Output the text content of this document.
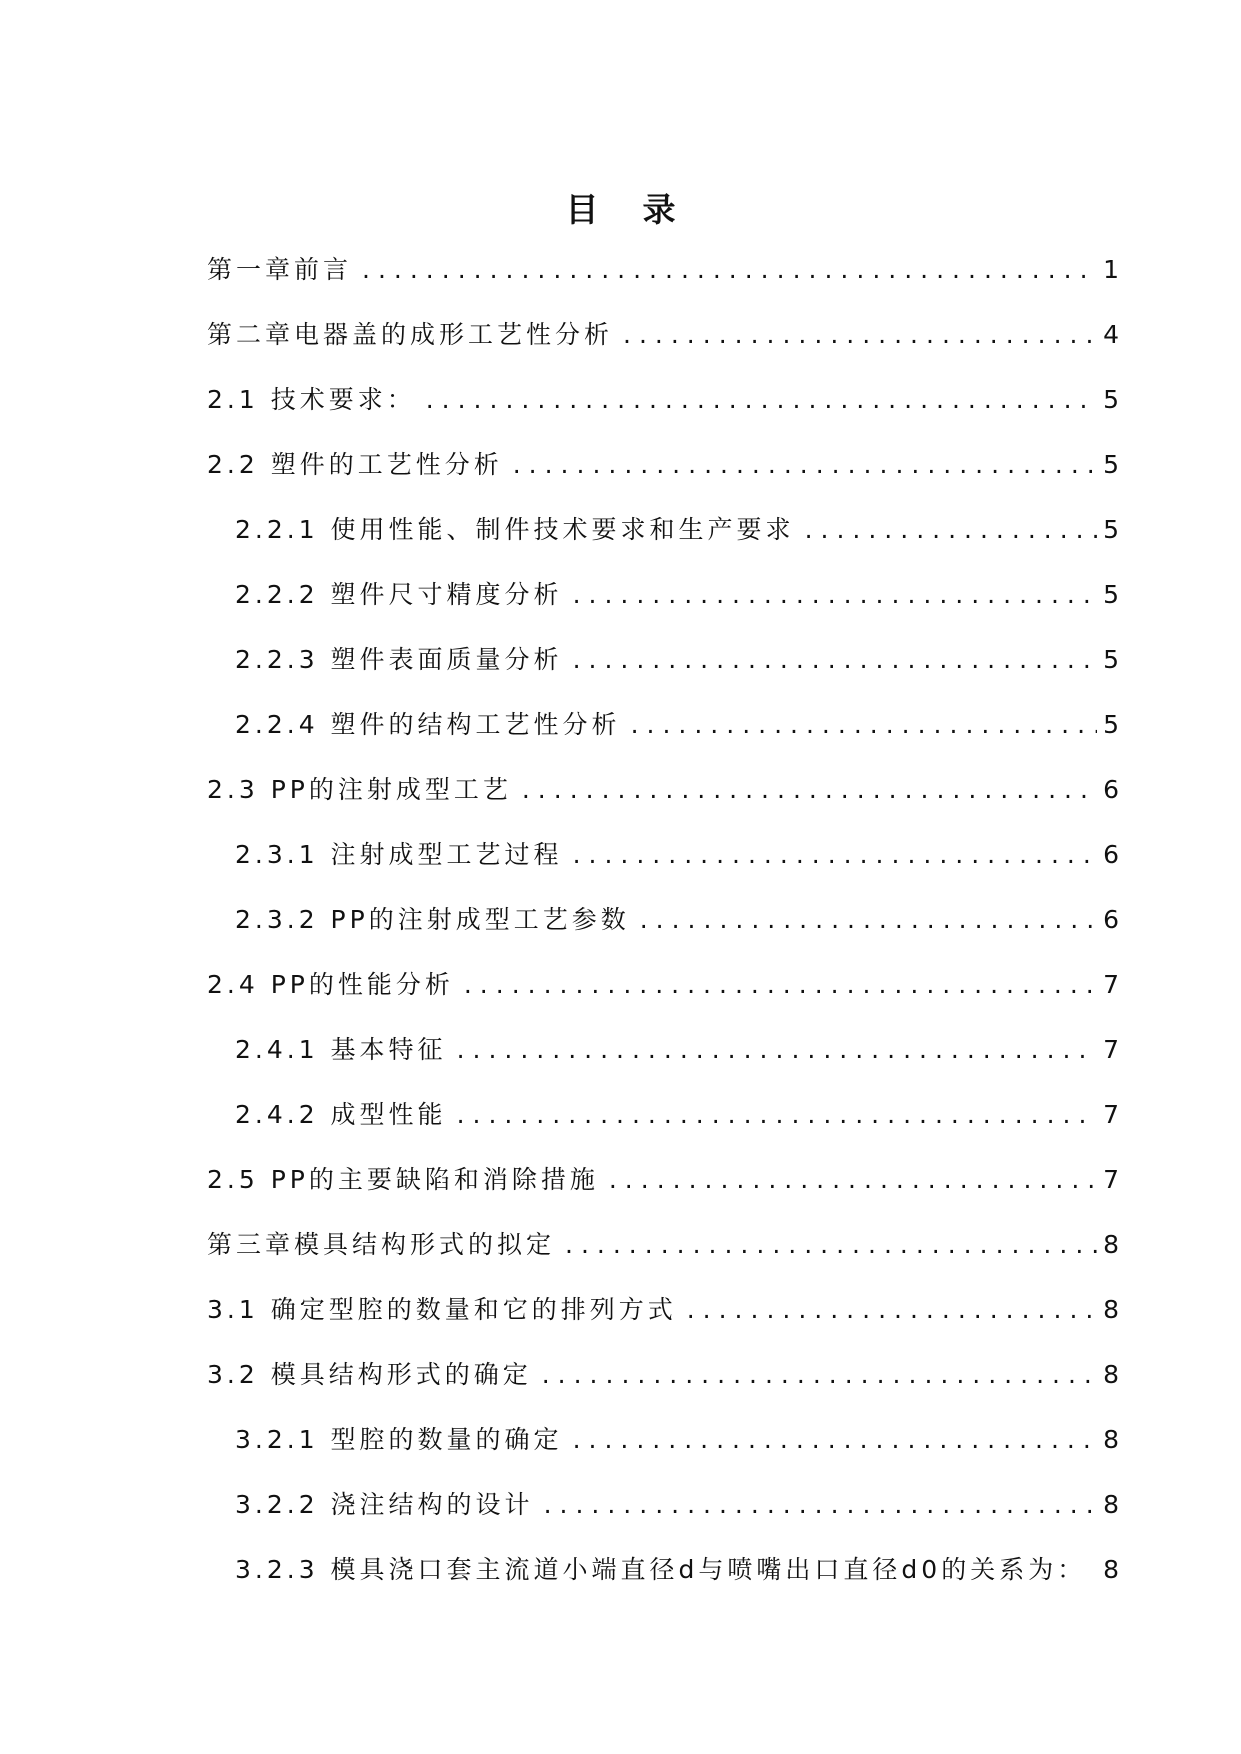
目录
第一章前言 .....	1
第二章电器盖的成形工艺性分析 .....	4
2.1 技术要求： .....	5
2.2 塑件的工艺性分析 .....	5
2.2.1 使用性能、制件技术要求和生产要求 .....	5
2.2.2 塑件尺寸精度分析 .....	5
2.2.3 塑件表面质量分析 .....	5
2.2.4 塑件的结构工艺性分析 .....	5
2.3 PP的注射成型工艺 .....	6
2.3.1 注射成型工艺过程 .....	6
2.3.2 PP的注射成型工艺参数 .....	6
2.4 PP的性能分析 .....	7
2.4.1 基本特征 .....	7
2.4.2 成型性能 .....	7
2.5 PP的主要缺陷和消除措施 .....	7
第三章模具结构形式的拟定 .....	8
3.1 确定型腔的数量和它的排列方式 .....	8
3.2 模具结构形式的确定 .....	8
3.2.1 型腔的数量的确定 .....	8
3.2.2 浇注结构的设计 .....	8
3.2.3 模具浇口套主流道小端直径d与喷嘴出口直径d0的关系为： 8
